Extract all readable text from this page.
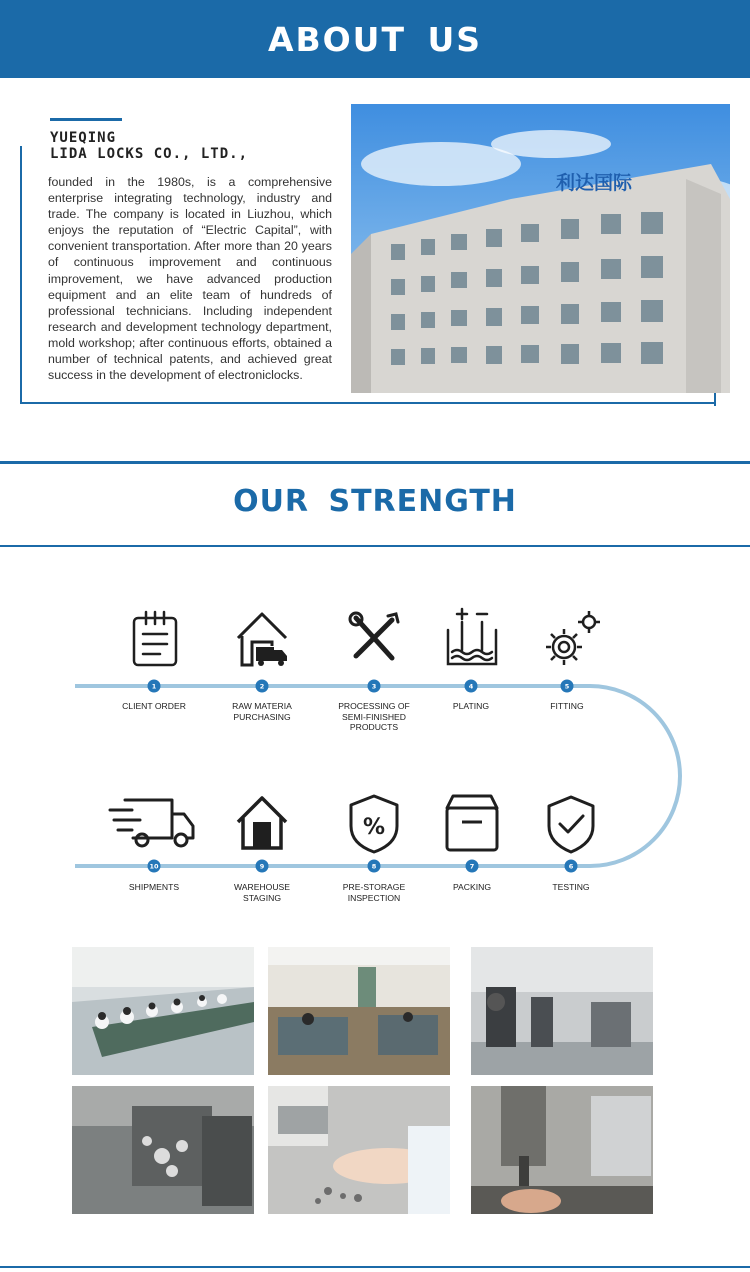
ABOUT US
YUEQING
LIDA LOCKS CO., LTD.,
founded in the 1980s, is a comprehensive enterprise integrating technology, industry and trade. The company is located in Liuzhou, which enjoys the reputation of “Electric Capital”, with convenient transportation. After more than 20 years of continuous improvement and continuous improvement, we have advanced production equipment and an elite team of hundreds of professional technicians. Including independent research and development technology department, mold workshop; after continuous efforts, obtained a number of technical patents, and achieved great success in the development of electroniclocks.
利达国际
OUR STRENGTH
%
1	2	3	4	5
6
7
8
9
10
CLIENT ORDER	RAW MATERIA PURCHASING
PROCESSING OF SEMI-FINISHED PRODUCTS
PLATING	FITTING
TESTING
PACKING
PRE-STORAGE INSPECTION
WAREHOUSE STAGING
SHIPMENTS
